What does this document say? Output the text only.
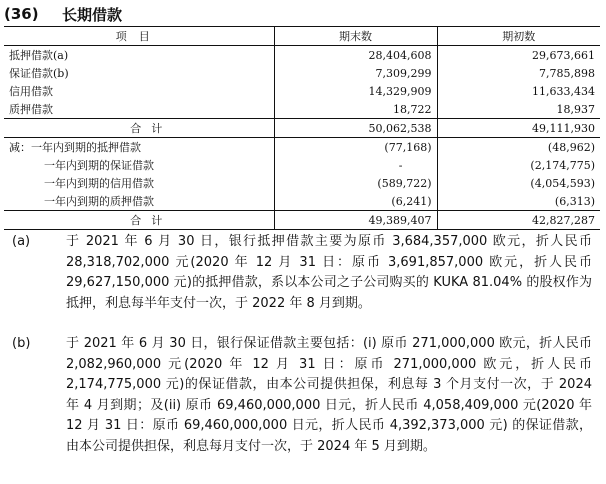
(36)	长期借款
项目	期末数	期初数
抵押借款(a)	28,404,608	29,673,661
保证借款(b)	7,309,299	7,785,898
信用借款	14,329,909	11,633,434
质押借款	18,722	18,937
合计	50,062,538	49,111,930
减：一年内到期的抵押借款	(77,168)	(48,962)
一年内到期的保证借款	-	(2,174,775)
一年内到期的信用借款	(589,722)	(4,054,593)
一年内到期的质押借款	(6,241)	(6,313)
合计	49,389,407	42,827,287
(a)	于 2021 年 6 月 30 日，银行抵押借款主要为原币 3,684,357,000 欧元，折人民币 28,318,702,000 元(2020 年 12 月 31 日：原币 3,691,857,000 欧元，折人民币 29,627,150,000 元)的抵押借款，系以本公司之子公司购买的 KUKA 81.04% 的股权作为抵押，利息每半年支付一次，于 2022 年 8 月到期。
(b)	于 2021 年 6 月 30 日，银行保证借款主要包括：(i) 原币 271,000,000 欧元，折人民币 2,082,960,000 元(2020 年 12 月 31 日：原币 271,000,000 欧元，折人民币 2,174,775,000 元)的保证借款，由本公司提供担保，利息每 3 个月支付一次，于 2024 年 4 月到期；及(ii) 原币 69,460,000,000 日元，折人民币 4,058,409,000 元(2020 年 12 月 31 日：原币 69,460,000,000 日元，折人民币 4,392,373,000 元) 的保证借款，由本公司提供担保，利息每月支付一次，于 2024 年 5 月到期。
